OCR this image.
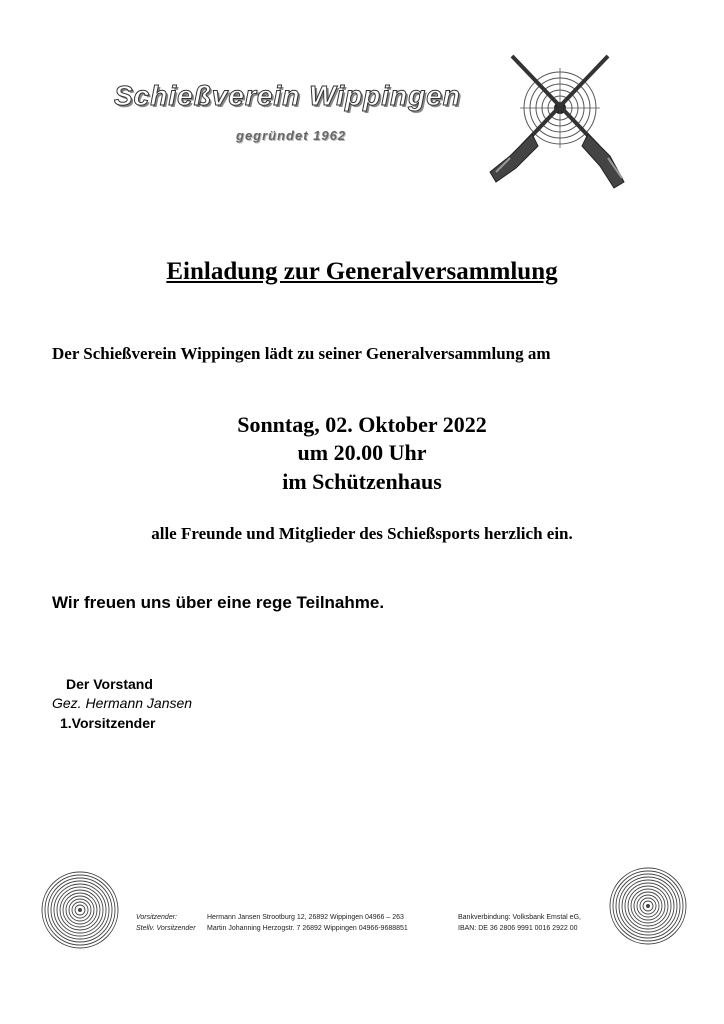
Schießverein Wippingen
gegründet 1962
Einladung zur Generalversammlung
Der Schießverein Wippingen lädt zu seiner Generalversammlung am
Sonntag, 02. Oktober 2022
um 20.00 Uhr
im Schützenhaus
alle Freunde und Mitglieder des Schießsports herzlich ein.
Wir freuen uns über eine rege Teilnahme.
Der Vorstand
Gez. Hermann Jansen
1.Vorsitzender
Vorsitzender:	Hermann Jansen Strootburg 12, 26892 Wippingen 04966 – 263
Stellv. Vorsitzender Martin Johanning Herzogstr. 7 26892 Wippingen 04966-9688851
Bankverbindung: Volksbank Emstal eG,
IBAN: DE 36 2806 9991 0016 2922 00
